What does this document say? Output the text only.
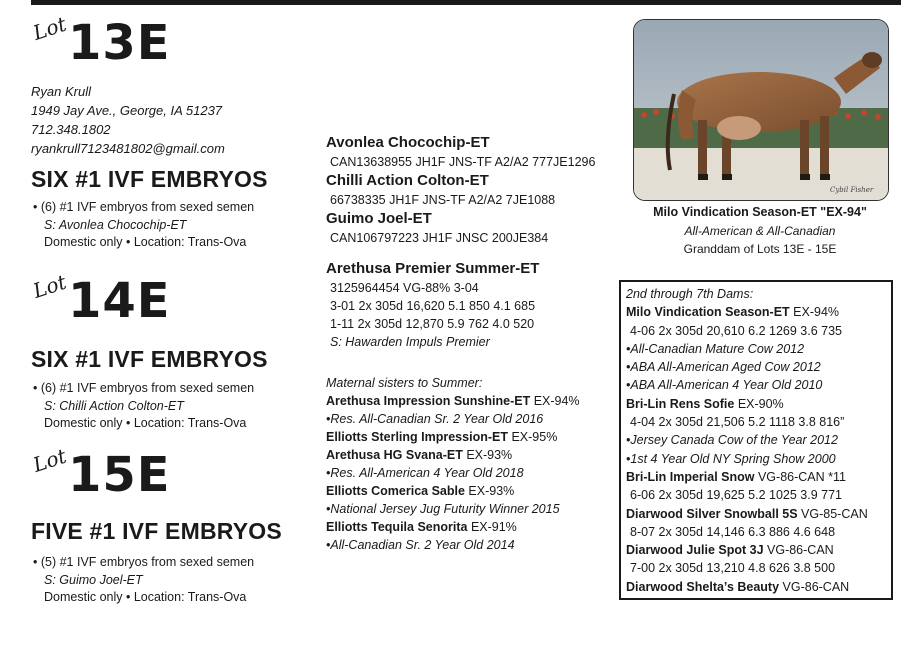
Lot
13E
Ryan Krull
1949 Jay Ave., George, IA 51237
712.348.1802
ryankrull7123481802@gmail.com
SIX #1 IVF EMBRYOS
• (6) #1 IVF embryos from sexed semen
S: Avonlea Chocochip-ET
Domestic only • Location: Trans-Ova
Lot
14E
SIX #1 IVF EMBRYOS
• (6) #1 IVF embryos from sexed semen
S: Chilli Action Colton-ET
Domestic only • Location: Trans-Ova
Lot
15E
FIVE #1 IVF EMBRYOS
• (5) #1 IVF embryos from sexed semen
S: Guimo Joel-ET
Domestic only • Location: Trans-Ova
Avonlea Chocochip-ET
CAN13638955 JH1F JNS-TF A2/A2 777JE1296
Chilli Action Colton-ET
66738335 JH1F JNS-TF A2/A2 7JE1088
Guimo Joel-ET
CAN106797223 JH1F JNSC 200JE384
Arethusa Premier Summer-ET
3125964454 VG-88% 3-04
3-01 2x 305d 16,620 5.1 850 4.1 685
1-11 2x 305d 12,870 5.9 762 4.0 520
S: Hawarden Impuls Premier
Maternal sisters to Summer:
Arethusa Impression Sunshine-ET EX-94%
•Res. All-Canadian Sr. 2 Year Old 2016
Elliotts Sterling Impression-ET EX-95%
Arethusa HG Svana-ET EX-93%
•Res. All-American 4 Year Old 2018
Elliotts Comerica Sable EX-93%
•National Jersey Jug Futurity Winner 2015
Elliotts Tequila Senorita EX-91%
•All-Canadian Sr. 2 Year Old 2014
Cybil Fisher
Milo Vindication Season-ET "EX-94"
All-American & All-Canadian
Granddam of Lots 13E - 15E
2nd through 7th Dams:
Milo Vindication Season-ET EX-94%
4-06 2x 305d 20,610 6.2 1269 3.6 735
•All-Canadian Mature Cow 2012
•ABA All-American Aged Cow 2012
•ABA All-American 4 Year Old 2010
Bri-Lin Rens Sofie EX-90%
4-04 2x 305d 21,506 5.2 1118 3.8 816”
•Jersey Canada Cow of the Year 2012
•1st 4 Year Old NY Spring Show 2000
Bri-Lin Imperial Snow VG-86-CAN *11
6-06 2x 305d 19,625 5.2 1025 3.9 771
Diarwood Silver Snowball 5S VG-85-CAN
8-07 2x 305d 14,146 6.3 886 4.6 648
Diarwood Julie Spot 3J VG-86-CAN
7-00 2x 305d 13,210 4.8 626 3.8 500
Diarwood Shelta’s Beauty VG-86-CAN
